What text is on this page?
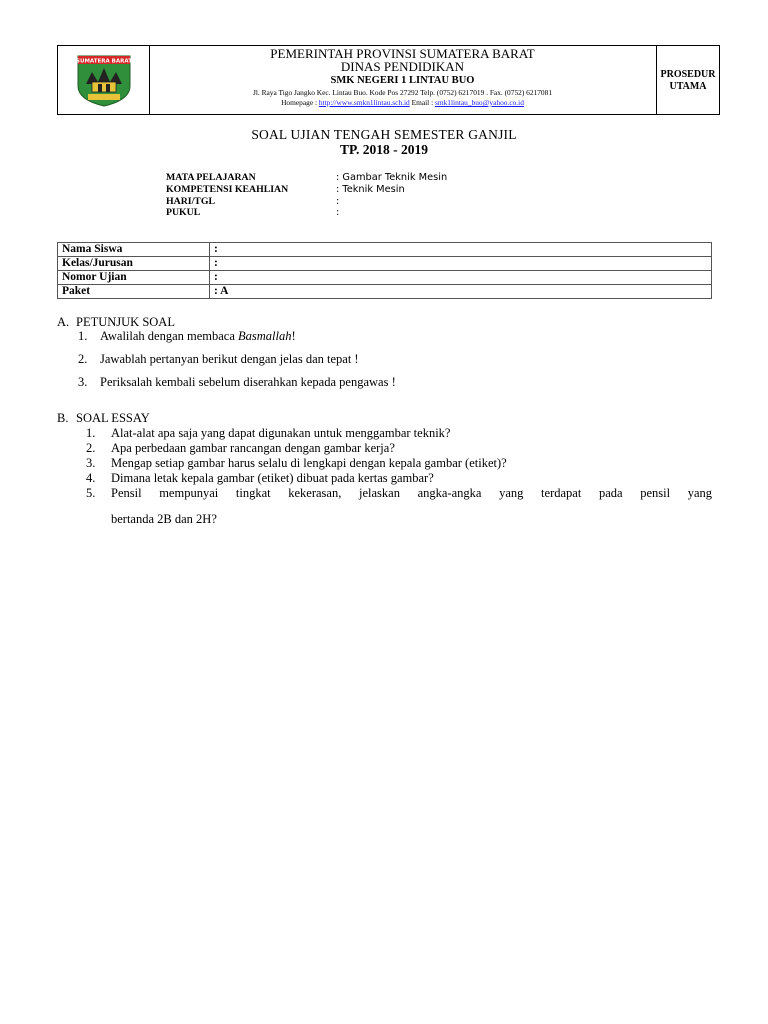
SUMATERA BARAT
PEMERINTAH PROVINSI SUMATERA BARAT
DINAS PENDIDIKAN
SMK NEGERI 1 LINTAU BUO
Jl. Raya Tigo Jangko Kec. Lintau Buo. Kode Pos 27292 Telp. (0752) 6217019 . Fax. (0752) 6217081
Homepage : http://www.smkn1lintau.sch.id Email : smk1lintau_buo@yahoo.co.id
PROSEDUR
UTAMA
SOAL UJIAN TENGAH SEMESTER GANJIL
TP. 2018 - 2019
MATA PELAJARAN	: Gambar Teknik Mesin
KOMPETENSI KEAHLIAN	: Teknik Mesin
HARI/TGL	:
PUKUL	:
Nama Siswa	:
Kelas/Jurusan	:
Nomor Ujian	:
Paket	: A
A. PETUNJUK SOAL
1.	Awalilah dengan membaca Basmallah!
2.	Jawablah pertanyan berikut dengan jelas dan tepat !
3.	Periksalah kembali sebelum diserahkan kepada pengawas !
B. SOAL ESSAY
1.	Alat-alat apa saja yang dapat digunakan untuk menggambar teknik?
2.	Apa perbedaan gambar rancangan dengan gambar kerja?
3.	Mengap setiap gambar harus selalu di lengkapi dengan kepala gambar (etiket)?
4.	Dimana letak kepala gambar (etiket) dibuat pada kertas gambar?
5.	Pensil mempunyai tingkat kekerasan, jelaskan angka-angka yang terdapat pada pensil yang
bertanda 2B dan 2H?
